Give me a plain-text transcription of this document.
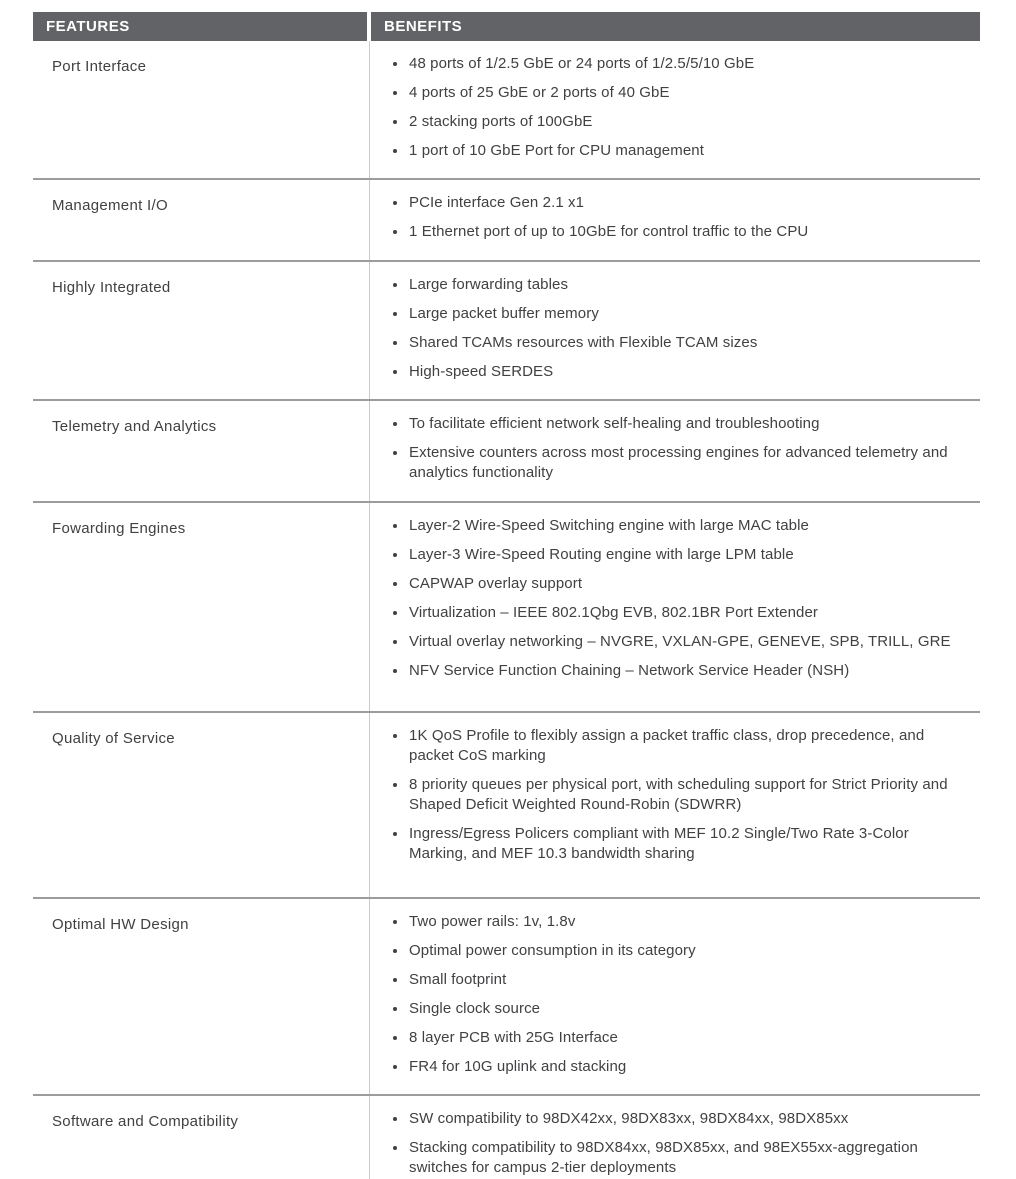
FEATURES	BENEFITS
Port Interface	48 ports of 1/2.5 GbE or 24 ports of 1/2.5/5/10 GbE
4 ports of 25 GbE or 2 ports of 40 GbE
2 stacking ports of 100GbE
1 port of 10 GbE Port for CPU management
Management I/O	PCIe interface Gen 2.1 x1
1 Ethernet port of up to 10GbE for control traffic to the CPU
Highly Integrated	Large forwarding tables
Large packet buffer memory
Shared TCAMs resources with Flexible TCAM sizes
High-speed SERDES
Telemetry and Analytics	To facilitate efficient network self-healing and troubleshooting
Extensive counters across most processing engines for advanced telemetry and analytics functionality
Fowarding Engines	Layer-2 Wire-Speed Switching engine with large MAC table
Layer-3 Wire-Speed Routing engine with large LPM table
CAPWAP overlay support
Virtualization – IEEE 802.1Qbg EVB, 802.1BR Port Extender
Virtual overlay networking – NVGRE, VXLAN-GPE, GENEVE, SPB, TRILL, GRE
NFV Service Function Chaining – Network Service Header (NSH)
Quality of Service	1K QoS Profile to flexibly assign a packet traffic class, drop precedence, and packet CoS marking
8 priority queues per physical port, with scheduling support for Strict Priority and Shaped Deficit Weighted Round-Robin (SDWRR)
Ingress/Egress Policers compliant with MEF 10.2 Single/Two Rate 3-Color Marking, and MEF 10.3 bandwidth sharing
Optimal HW Design	Two power rails: 1v, 1.8v
Optimal power consumption in its category
Small footprint
Single clock source
8 layer PCB with 25G Interface
FR4 for 10G uplink and stacking
Software and Compatibility	SW compatibility to 98DX42xx, 98DX83xx, 98DX84xx, 98DX85xx
Stacking compatibility to 98DX84xx, 98DX85xx, and 98EX55xx-aggregation switches for campus 2-tier deployments
